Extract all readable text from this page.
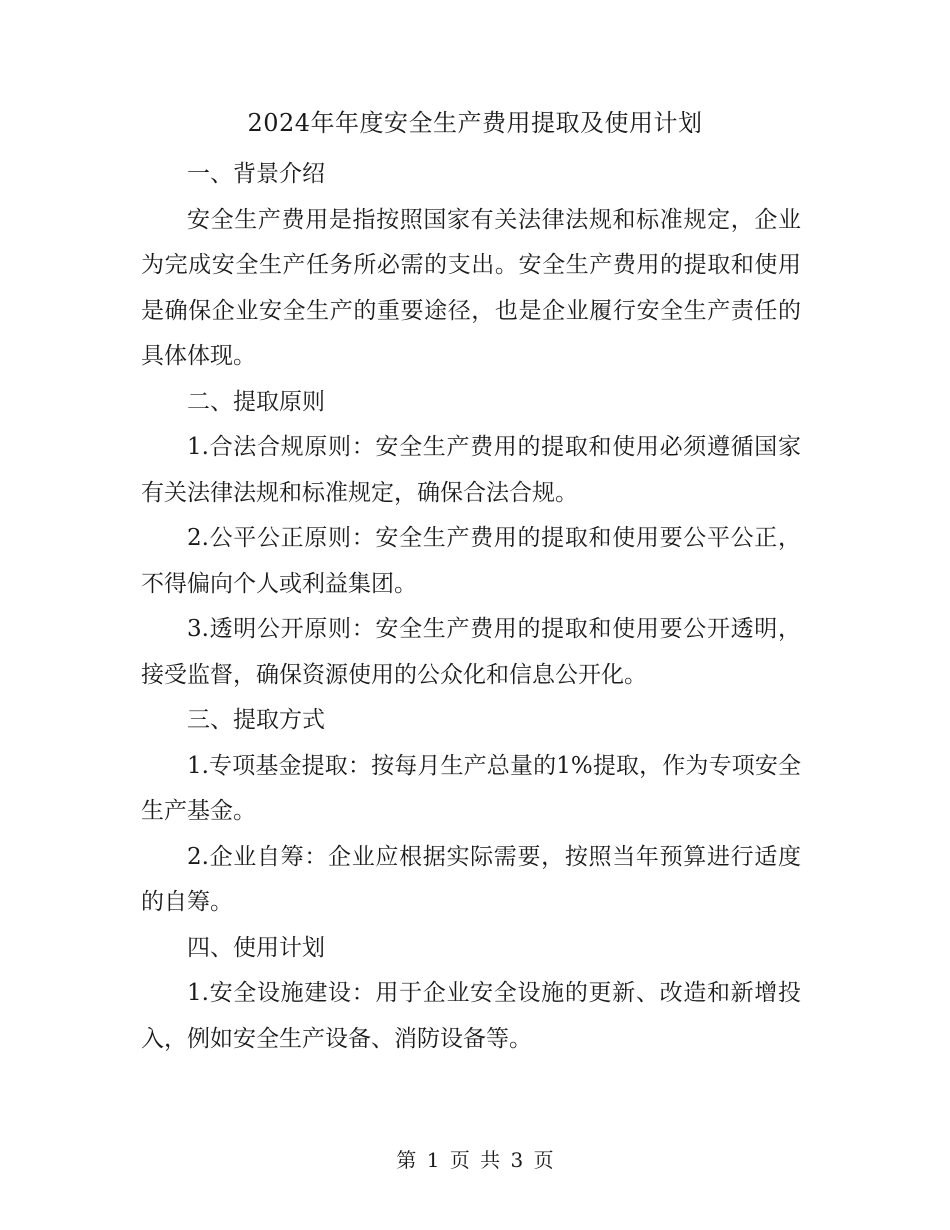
2024年年度安全生产费用提取及使用计划
一、背景介绍
安全生产费用是指按照国家有关法律法规和标准规定，企业为完成安全生产任务所必需的支出。安全生产费用的提取和使用是确保企业安全生产的重要途径，也是企业履行安全生产责任的具体体现。
二、提取原则
1.合法合规原则：安全生产费用的提取和使用必须遵循国家有关法律法规和标准规定，确保合法合规。
2.公平公正原则：安全生产费用的提取和使用要公平公正，不得偏向个人或利益集团。
3.透明公开原则：安全生产费用的提取和使用要公开透明，接受监督，确保资源使用的公众化和信息公开化。
三、提取方式
1.专项基金提取：按每月生产总量的1%提取，作为专项安全生产基金。
2.企业自筹：企业应根据实际需要，按照当年预算进行适度的自筹。
四、使用计划
1.安全设施建设：用于企业安全设施的更新、改造和新增投入，例如安全生产设备、消防设备等。
第 1 页 共 3 页
